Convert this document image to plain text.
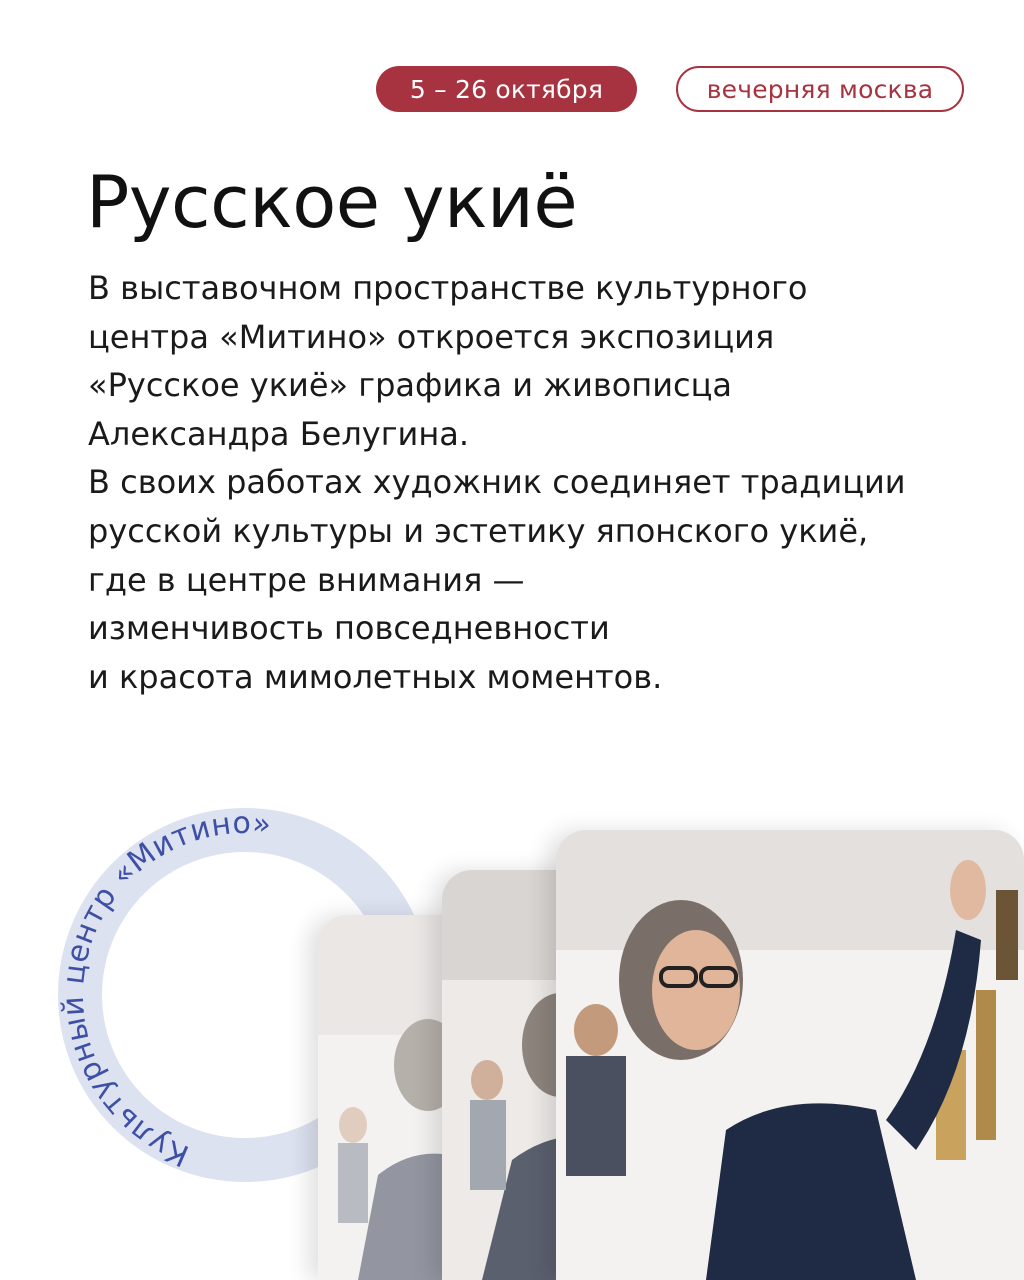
5 – 26 октября	вечерняя москва
Русское укиё
В выставочном пространстве культурного
центра «Митино» откроется экспозиция
«Русское укиё» графика и живописца
Александра Белугина.
В своих работах художник соединяет традиции
русской культуры и эстетику японского укиё,
где в центре внимания —
изменчивость повседневности
и красота мимолетных моментов.
Культурный центр «Митино»
